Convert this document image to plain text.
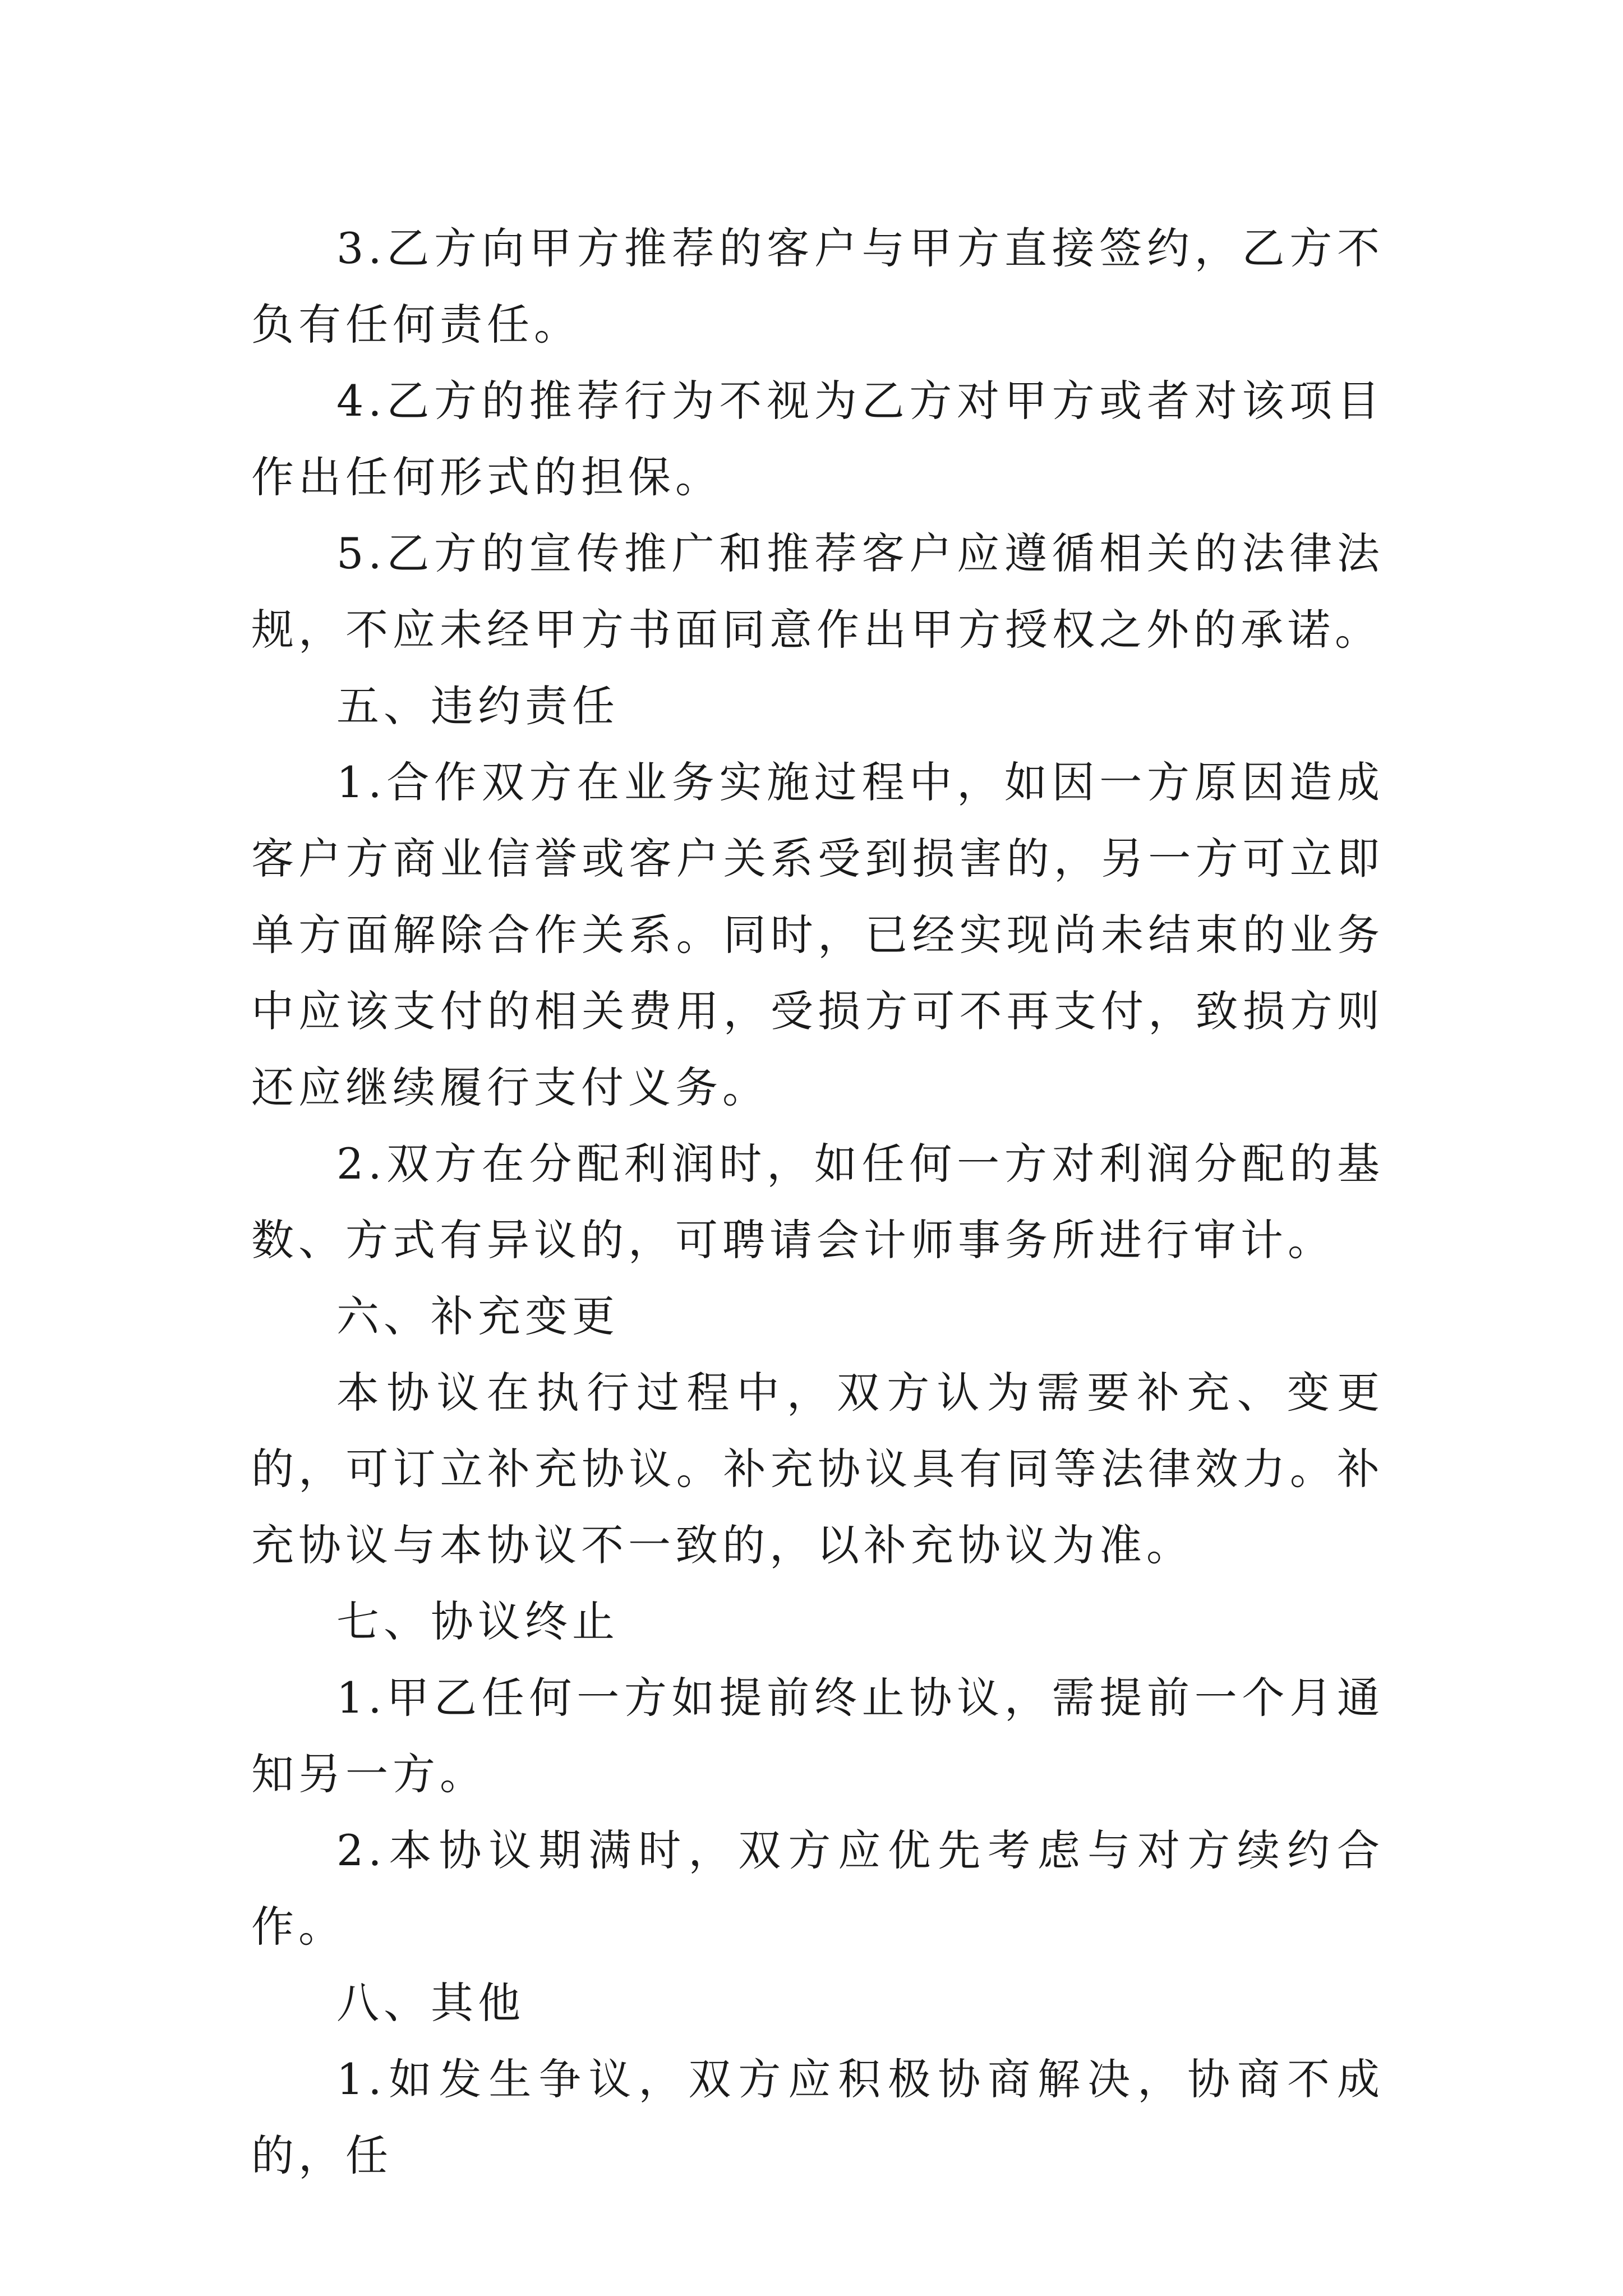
3.乙方向甲方推荐的客户与甲方直接签约，乙方不负有任何责任。

4.乙方的推荐行为不视为乙方对甲方或者对该项目作出任何形式的担保。

5.乙方的宣传推广和推荐客户应遵循相关的法律法规，不应未经甲方书面同意作出甲方授权之外的承诺。

五、违约责任

1.合作双方在业务实施过程中，如因一方原因造成客户方商业信誉或客户关系受到损害的，另一方可立即单方面解除合作关系。同时，已经实现尚未结束的业务中应该支付的相关费用，受损方可不再支付，致损方则还应继续履行支付义务。

2.双方在分配利润时，如任何一方对利润分配的基数、方式有异议的，可聘请会计师事务所进行审计。

六、补充变更

本协议在执行过程中，双方认为需要补充、变更的，可订立补充协议。补充协议具有同等法律效力。补充协议与本协议不一致的，以补充协议为准。

七、协议终止

1.甲乙任何一方如提前终止协议，需提前一个月通知另一方。

2.本协议期满时，双方应优先考虑与对方续约合作。

八、其他

1.如发生争议，双方应积极协商解决，协商不成的，任
